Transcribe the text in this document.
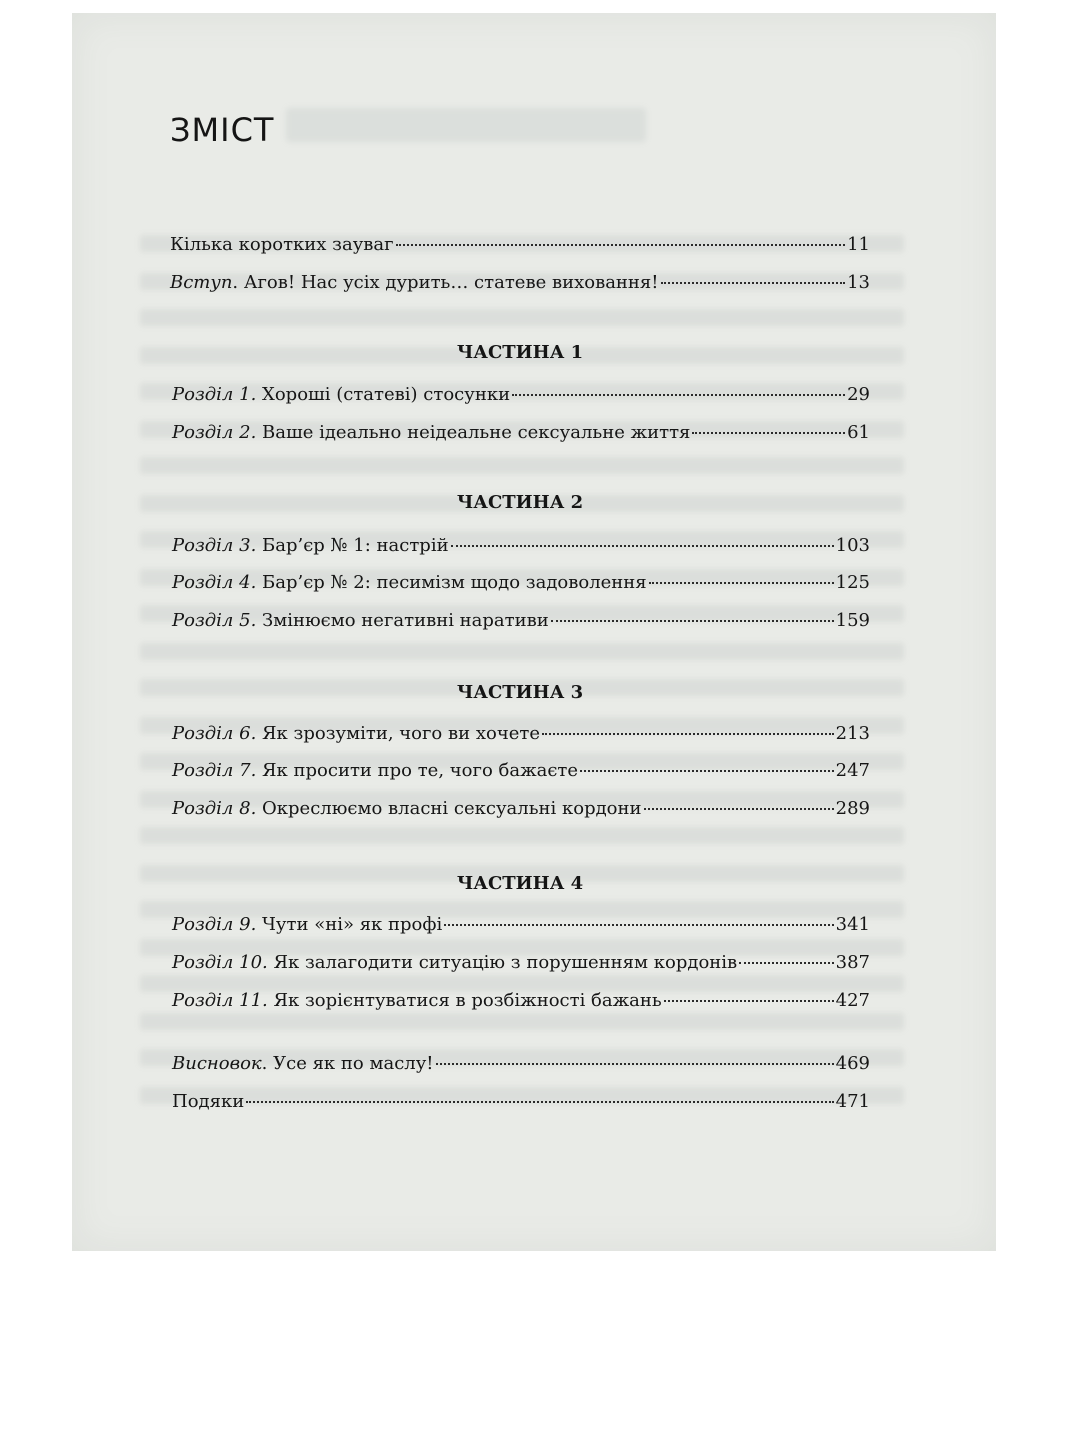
ЗМІСТ
Кілька коротких зауваг	11
Вступ. Агов! Нас усіх дурить… статеве виховання!	13
ЧАСТИНА 1
Розділ 1. Хороші (статеві) стосунки	29
Розділ 2. Ваше ідеально неідеальне сексуальне життя	61
ЧАСТИНА 2
Розділ 3. Бар’єр № 1: настрій	103
Розділ 4. Бар’єр № 2: песимізм щодо задоволення	125
Розділ 5. Змінюємо негативні наративи	159
ЧАСТИНА 3
Розділ 6. Як зрозуміти, чого ви хочете	213
Розділ 7. Як просити про те, чого бажаєте	247
Розділ 8. Окреслюємо власні сексуальні кордони	289
ЧАСТИНА 4
Розділ 9. Чути «ні» як профі	341
Розділ 10. Як залагодити ситуацію з порушенням кордонів	387
Розділ 11. Як зорієнтуватися в розбіжності бажань	427
Висновок. Усе як по маслу!	469
Подяки	471
